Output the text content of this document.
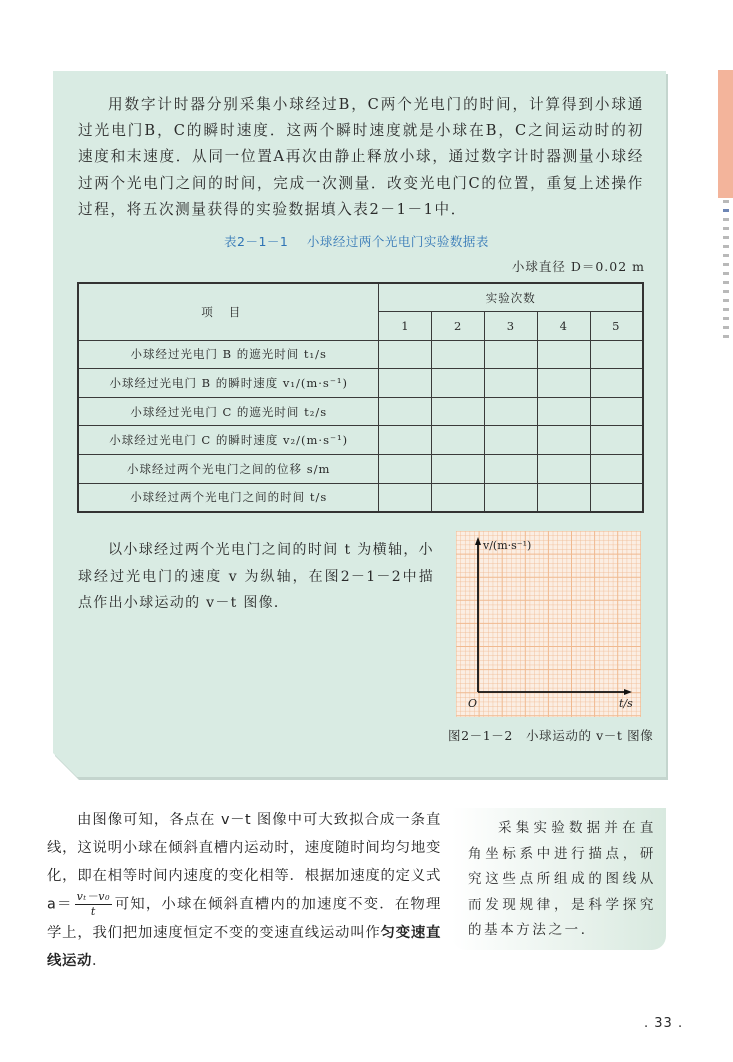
用数字计时器分别采集小球经过B，C两个光电门的时间，计算得到小球通过光电门B，C的瞬时速度．这两个瞬时速度就是小球在B，C之间运动时的初速度和末速度．从同一位置A再次由静止释放小球，通过数字计时器测量小球经过两个光电门之间的时间，完成一次测量．改变光电门C的位置，重复上述操作过程，将五次测量获得的实验数据填入表2－1－1中．

表2－1－1 小球经过两个光电门实验数据表
小球直径 D＝0.02 m
项目	实验次数				
	1	2	3	4	5
小球经过光电门 B 的遮光时间 t₁/s					
小球经过光电门 B 的瞬时速度 v₁/(m·s⁻¹)					
小球经过光电门 C 的遮光时间 t₂/s					
小球经过光电门 C 的瞬时速度 v₂/(m·s⁻¹)					
小球经过两个光电门之间的位移 s/m					
小球经过两个光电门之间的时间 t/s					

以小球经过两个光电门之间的时间 t 为横轴，小球经过光电门的速度 v 为纵轴，在图2－1－2中描点作出小球运动的 v－t 图像．

v/(m·s⁻¹)
t/s
O
图2－1－2　小球运动的 v－t 图像
由图像可知，各点在 v－t 图像中可大致拟合成一条直线，这说明小球在倾斜直槽内运动时，速度随时间均匀地变化，即在相等时间内速度的变化相等．根据加速度的定义式 $a= \frac{\text{vₜ－v₀}}{t}$ 可知，小球在倾斜直槽内的加速度不变．在物理学上，我们把加速度恒定不变的变速直线运动叫作匀变速直线运动．
采集实验数据并在直角坐标系中进行描点，研究这些点所组成的图线从而发现规律，是科学探究的基本方法之一．
. 33 .
